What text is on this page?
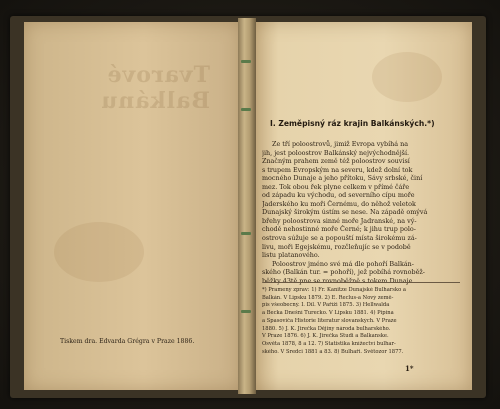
Tvarové Balkánu
Tiskem dra. Edvarda Grégra v Praze 1886.
I. Zeměpisný ráz krajin Balkánských.*)
Ze tří poloostrovů, jimiž Evropa vybíhá na
jih, jest poloostrov Balkánský nejvýchodnější.
Značným prahem země též poloostrov souvisí
s trupem Evropským na severu, kdež dolní tok
mocného Dunaje a jeho přítoku, Sávy srbské, činí
mez. Tok obou řek plyne celkem v přímé čáře
od západu ku východu, od severního cípu moře
Jaderského ku moři Černému, do něhož veletok
Dunajský širokým ústím se nese. Na západě omývá
břehy poloostrova sinné moře Jadranské, na vý-
chodě nehostinné moře Černé; k jihu trup polo-
ostrova súžuje se a popouští místa širokému zá-
livu, moři Egejskému, rozčleňujíc se v podobě
listu platanového.
Poloostrov jméno své má dle pohoří Balkán-
ského (Balkán tur. = pohoří), jež pobíhá rovnoběž-
běžky 43tě pne se rovnoběžně s tokem Dunaje
*) Prameny zprav: 1) Fr. Kanitze Dunajské Bulharsko a
Balkán. V Lipsku 1879. 2) E. Reclus-a Nový země-
pis všeobecný. I. Díl. V Paříži 1875. 3) Hellwalda
a Becka Dnešní Turecko. V Lipsku 1881. 4) Pipina
a Spasoviča Historie literatur slovanských. V Praze
1880. 5) J. K. Jirečka Dějiny národa bulharského.
V Praze 1876. 6) J. K. Jirečka Studi a Balkanske.
Osvěta 1878, 8 a 12. 7) Statistika knížectví bulhar-
ského. V Sredci 1881 a 83. 8) Bulhaři. Světozor 1877.
1*
